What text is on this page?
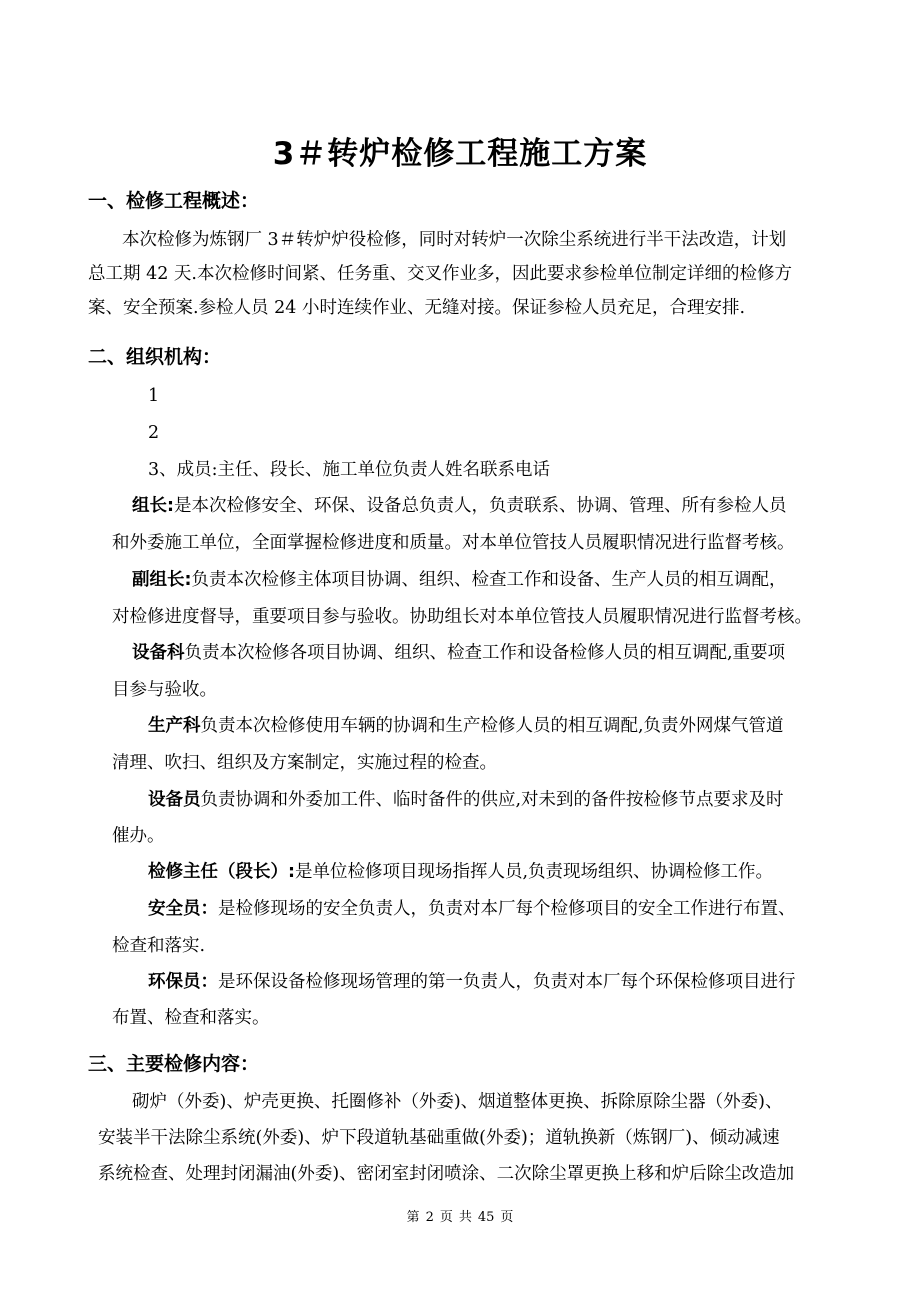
3＃转炉检修工程施工方案
一、检修工程概述：
本次检修为炼钢厂 3＃转炉炉役检修，同时对转炉一次除尘系统进行半干法改造，计划
总工期 42 天.本次检修时间紧、任务重、交叉作业多，因此要求参检单位制定详细的检修方
案、安全预案.参检人员 24 小时连续作业、无缝对接。保证参检人员充足，合理安排.
二、组织机构：
1
2
3、成员:主任、段长、施工单位负责人姓名联系电话
组长:是本次检修安全、环保、设备总负责人，负责联系、协调、管理、所有参检人员
和外委施工单位，全面掌握检修进度和质量。对本单位管技人员履职情况进行监督考核。
副组长:负责本次检修主体项目协调、组织、检查工作和设备、生产人员的相互调配，
对检修进度督导，重要项目参与验收。协助组长对本单位管技人员履职情况进行监督考核。
设备科负责本次检修各项目协调、组织、检查工作和设备检修人员的相互调配,重要项
目参与验收。
生产科负责本次检修使用车辆的协调和生产检修人员的相互调配,负责外网煤气管道
清理、吹扫、组织及方案制定，实施过程的检查。
设备员负责协调和外委加工件、临时备件的供应,对未到的备件按检修节点要求及时
催办。
检修主任（段长）:是单位检修项目现场指挥人员,负责现场组织、协调检修工作。
安全员：是检修现场的安全负责人，负责对本厂每个检修项目的安全工作进行布置、
检查和落实.
环保员：是环保设备检修现场管理的第一负责人，负责对本厂每个环保检修项目进行
布置、检查和落实。
三、主要检修内容：
砌炉（外委)、炉壳更换、托圈修补（外委)、烟道整体更换、拆除原除尘器（外委)、
安装半干法除尘系统(外委)、炉下段道轨基础重做(外委)；道轨换新（炼钢厂)、倾动减速
系统检查、处理封闭漏油(外委)、密闭室封闭喷涂、二次除尘罩更换上移和炉后除尘改造加
第 2 页 共 45 页
